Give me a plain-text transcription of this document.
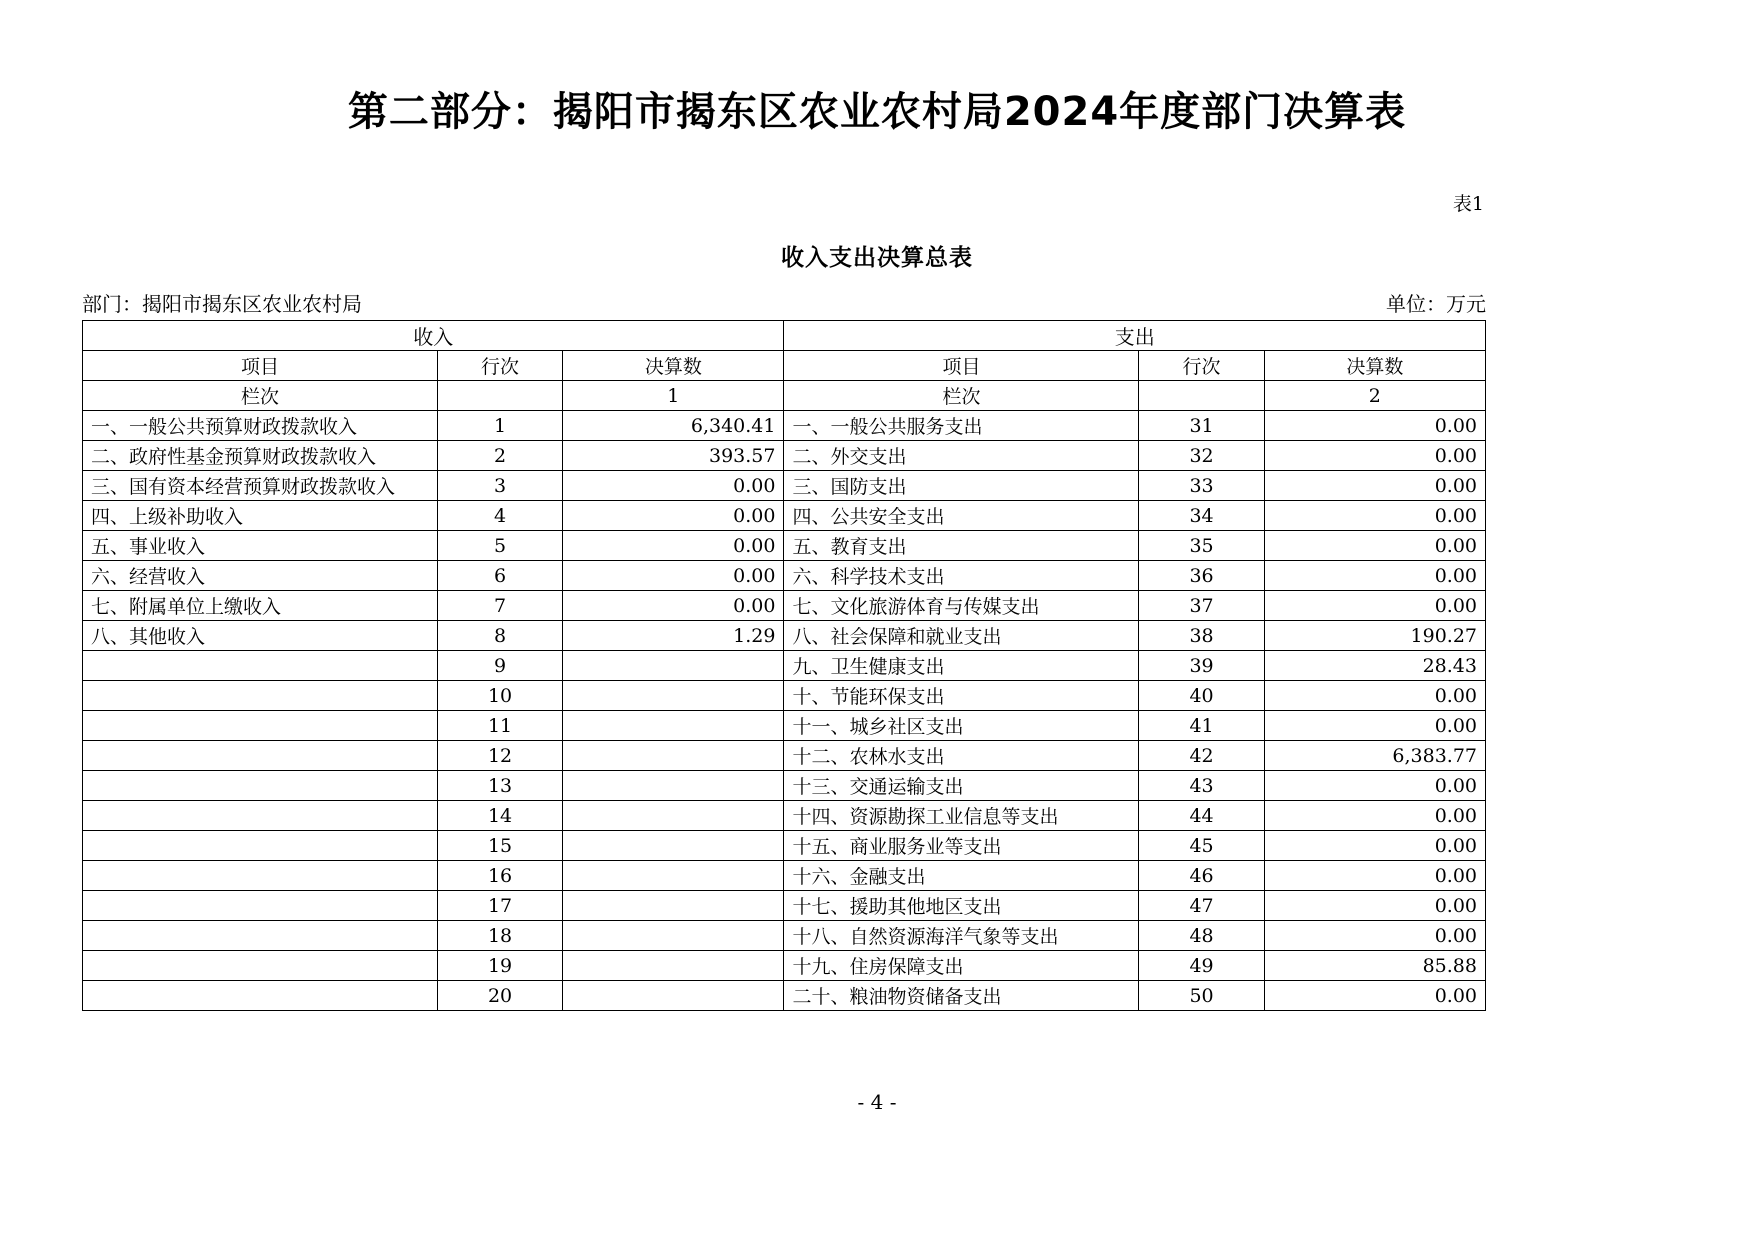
第二部分：揭阳市揭东区农业农村局2024年度部门决算表
表1
收入支出决算总表
部门：揭阳市揭东区农业农村局	单位：万元
收入			支出		
项目	行次	决算数	项目	行次	决算数
栏次		1	栏次		2
一、一般公共预算财政拨款收入	1	6,340.41	一、一般公共服务支出	31	0.00
二、政府性基金预算财政拨款收入	2	393.57	二、外交支出	32	0.00
三、国有资本经营预算财政拨款收入	3	0.00	三、国防支出	33	0.00
四、上级补助收入	4	0.00	四、公共安全支出	34	0.00
五、事业收入	5	0.00	五、教育支出	35	0.00
六、经营收入	6	0.00	六、科学技术支出	36	0.00
七、附属单位上缴收入	7	0.00	七、文化旅游体育与传媒支出	37	0.00
八、其他收入	8	1.29	八、社会保障和就业支出	38	190.27
	9		九、卫生健康支出	39	28.43
	10		十、节能环保支出	40	0.00
	11		十一、城乡社区支出	41	0.00
	12		十二、农林水支出	42	6,383.77
	13		十三、交通运输支出	43	0.00
	14		十四、资源勘探工业信息等支出	44	0.00
	15		十五、商业服务业等支出	45	0.00
	16		十六、金融支出	46	0.00
	17		十七、援助其他地区支出	47	0.00
	18		十八、自然资源海洋气象等支出	48	0.00
	19		十九、住房保障支出	49	85.88
	20		二十、粮油物资储备支出	50	0.00
- 4 -
